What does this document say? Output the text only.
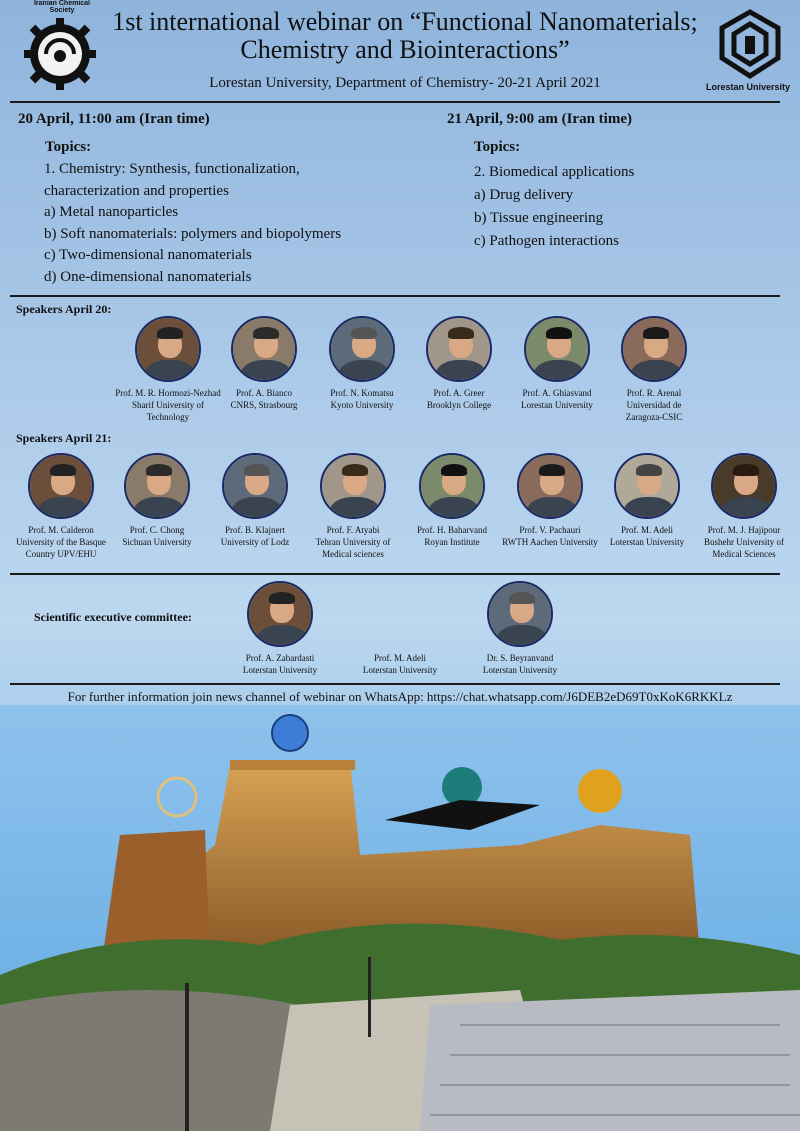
Iranian Chemical Society	1st international webinar on “Functional Nanomaterials;
Chemistry and Biointeractions”
Lorestan University, Department of Chemistry- 20-21 April 2021	Lorestan University
20 April, 11:00 am (Iran time)
Topics:
1. Chemistry: Synthesis, functionalization,
characterization and properties
a) Metal nanoparticles
b) Soft nanomaterials: polymers and biopolymers
c) Two-dimensional nanomaterials
d) One-dimensional nanomaterials
21 April, 9:00 am (Iran time)
Topics:
2. Biomedical applications
a) Drug delivery
b) Tissue engineering
c) Pathogen interactions
Speakers April 20:
Prof. M. R. Hormozi-Nezhad
Sharif University of
Technology
Prof. A. Bianco
CNRS, Strasbourg
Prof. N. Komatsu
Kyoto University
Prof. A. Greer
Brooklyn College
Prof. A. Ghiasvand
Lorestan University
Prof. R. Arenal
Universidad de
Zaragoza-CSIC
Speakers April 21:
Prof. M. Calderon
University of the Basque
Country UPV/EHU
Prof. C. Chong
Sichuan University
Prof. B. Klajnert
University of Lodz
Prof. F. Atyabi
Tehran University of
Medical sciences
Prof. H. Baharvand
Royan Institute
Prof. V. Pachauri
RWTH Aachen University
Prof. M. Adeli
Loterstan University
Prof. M. J. Hajipour
Bushehr University of
Medical Sciences
Scientific executive committee:
Prof. A. Zabardasti
Loterstan University
Prof. M. Adeli
Loterstan University
Dr. S. Beyranvand
Loterstan University
For further information join news channel of webinar on WhatsApp: https://chat.whatsapp.com/J6DEB2eD69T0xKoK6RKKLz
